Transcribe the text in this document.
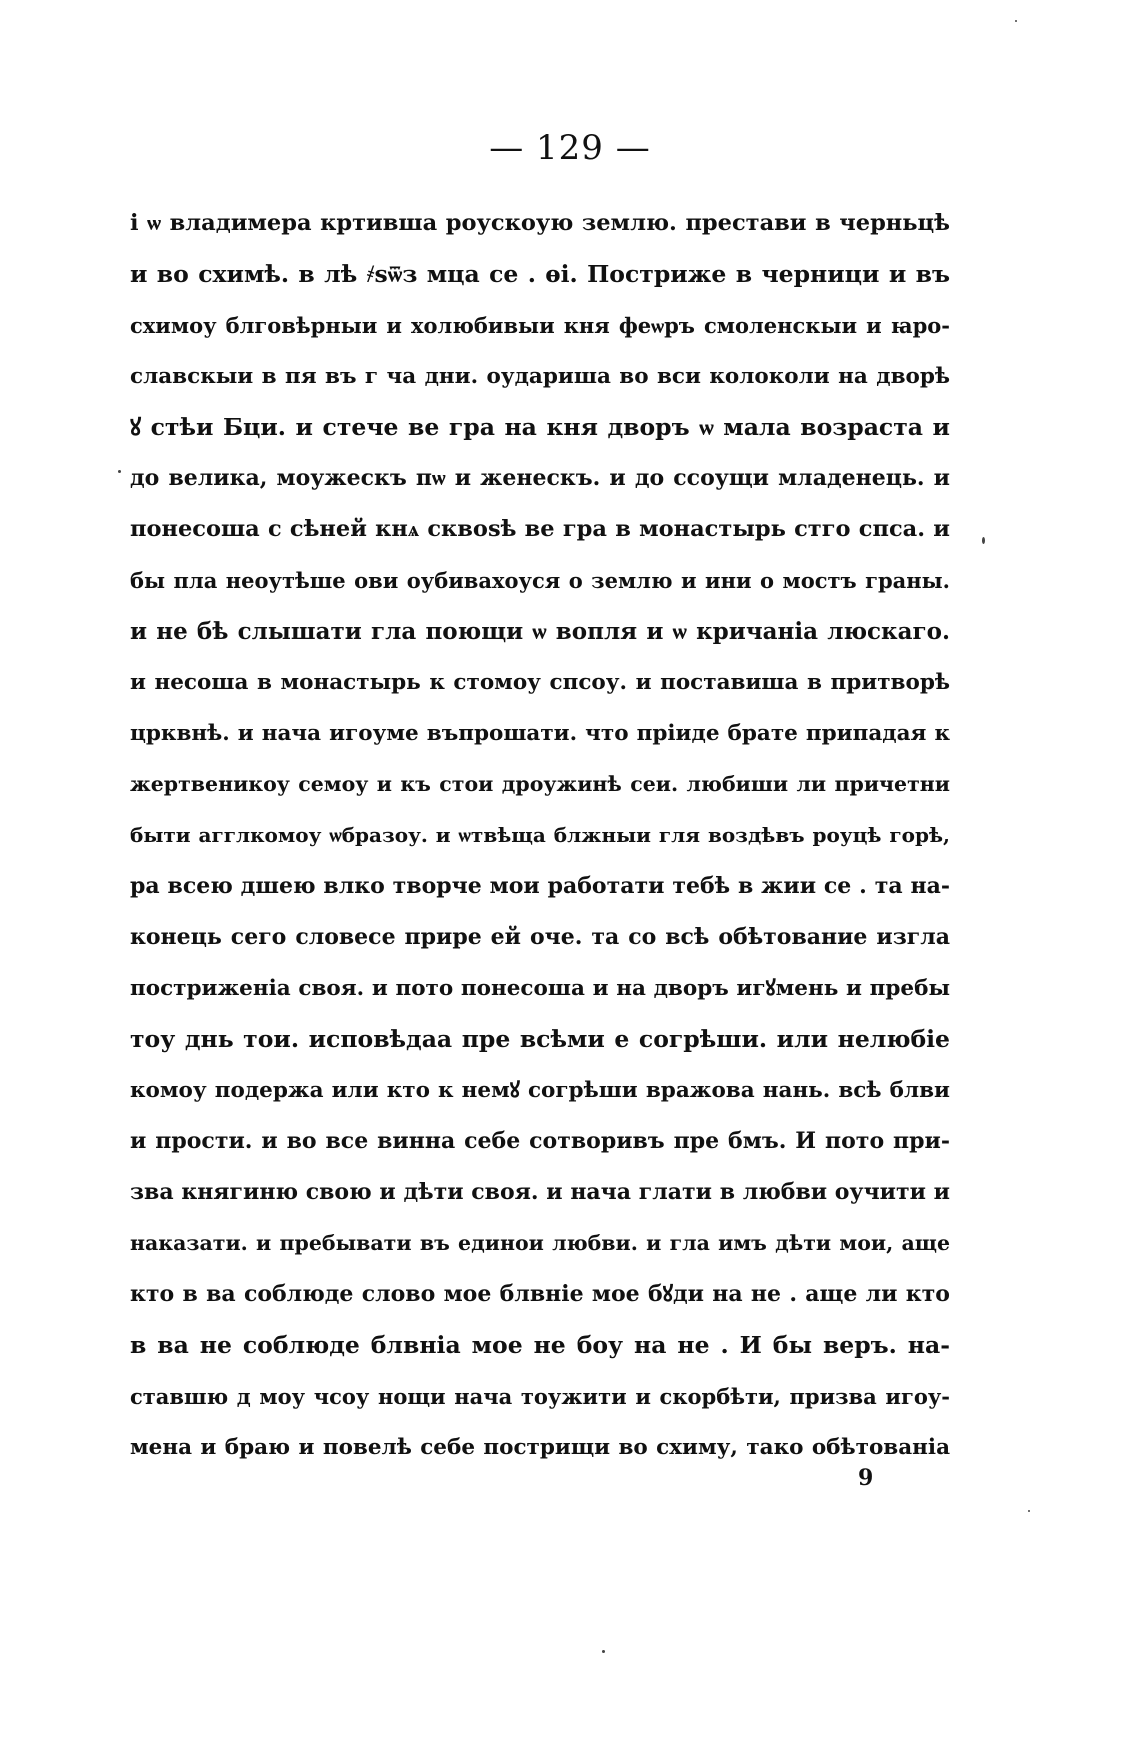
— 129 —
і ѡ владимера кртивша роускоую землю. престави в черньцѣ
и во схимѣ. в лѣ ҂ѕѿз мца се . ѳі. Постриже в черници и въ
схимоу блговѣрныи и холюбивыи кня феѡръ смоленскыи и ꙗро-
славскыи в пя въ г ча дни. оударишa во вси колоколи на дворѣ
ꙋ стѣи Бци. и стече ве гра на кня дворъ ѡ мала возраста и
до велика, моужескъ пѡ и женескъ. и до ссоущи младенець. и
понесоша с сѣней кнѧ сквоѕѣ ве гра в монастырь стго спса. и
бы пла неоутѣше ови оубивахоуся о землю и ини о мостъ граны.
и не бѣ слышати гла поющи ѡ вопля и ѡ кричаніа люскаго.
и несоша в монастырь к стомоу спсоу. и поставиша в притворѣ
црквнѣ. и нача игоуме въпрошати. что пріиде брате припадая к
жертвеникоу семоу и къ стои дроужинѣ сеи. любиши ли причетни
быти агглкомоу ѡбразоу. и ѡтвѣща блжныи гля воздѣвъ роуцѣ горѣ,
ра всею дшею влко творче мои работати тебѣ в жии се . та на-
конець сего словесе прире ей оче. та со всѣ обѣтование изгла
постриженіа своя. и пото понесоша и на дворъ игꙋмень и пребы
тоу днь тои. исповѣдаа пре всѣми е согрѣши. или нелюбіе
комоу подержа или кто к немꙋ согрѣши вражова нань. всѣ блви
и прости. и во все винна себе сотворивъ пре бмъ. И пото при-
зва княгиню свою и дѣти своя. и нача глати в любви оучити и
наказати. и пребывати въ единои любви. и гла имъ дѣти мои, аще
кто в ва соблюде слово мое блвніе мое бꙋди на не . аще ли кто
в ва не соблюде блвніа мое не боу на не . И бы веръ. на-
ставшю д моу чсоу нощи нача тоужити и скорбѣти, призва игоу-
мена и браю и повелѣ себе пострищи во схиму, тако обѣтованіа
9
